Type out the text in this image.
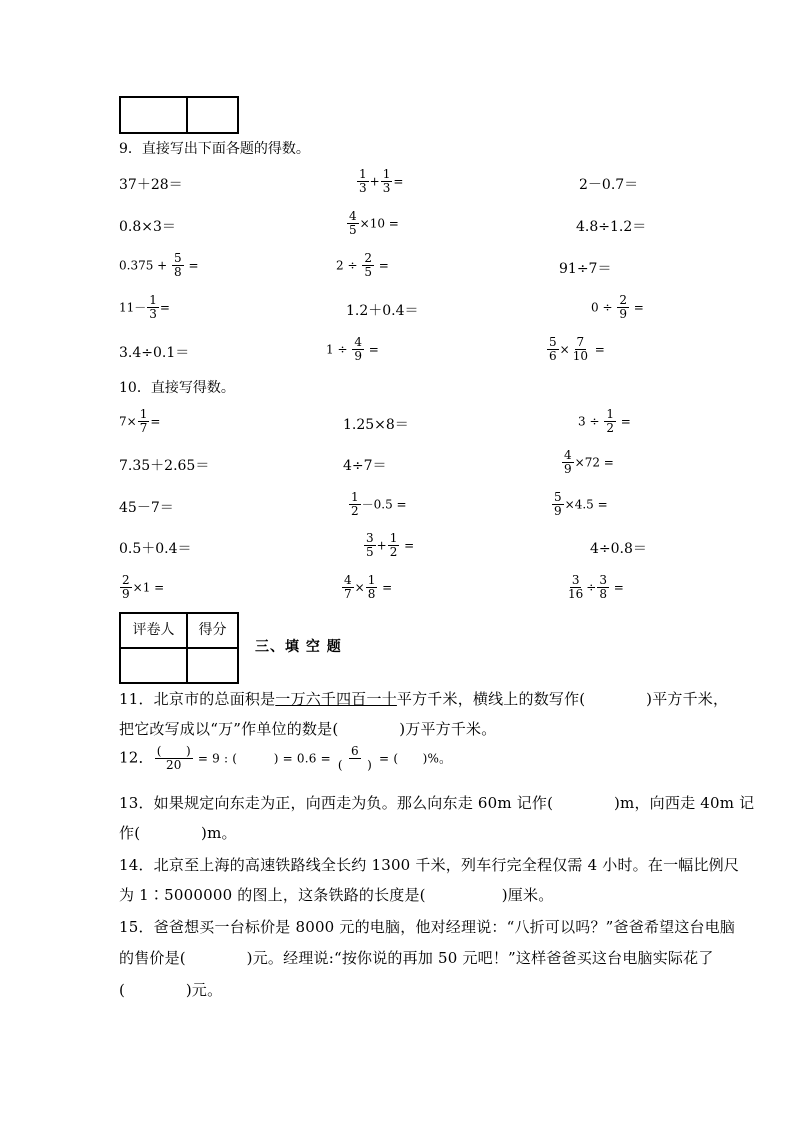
9．直接写出下面各题的得数。
37＋28＝	$\frac{1}{3} + \frac{1}{3}$ =	2－0.7＝
0.8×3＝	$\frac{4}{5} \times 10$ =	4.8÷1.2＝
$0.375 + \frac{5}{8}$ =	$2 \div \frac{2}{5}$ =	91÷7＝
$11- \frac{1}{3}$ =	1.2＋0.4＝	$0 \div \frac{2}{9}$ =
3.4÷0.1＝	$1 \div \frac{4}{9}$ =	$\frac{5}{6} \times \frac{7}{10}$ =
10．直接写得数。
$7\times \frac{1}{7}$ =	1.25×8＝	$3 \div \frac{1}{2}$ =
7.35＋2.65＝	4÷7＝	$\frac{4}{9} \times 72$ =
45－7＝	$\frac{1}{2} -0.5$ =	$\frac{5}{9} \times 4.5$ =
0.5＋0.4＝	$\frac{3}{5} + \frac{1}{2}$ =	4÷0.8＝
$\frac{2}{9} \times 1$ =	$\frac{4}{7} \times \frac{1}{8}$ =	$\frac{3}{16} \div \frac{3}{8}$ =
评卷人	得分
三、填 空 题
11．北京市的总面积是一万六千四百一十平方千米，横线上的数写作(　　　　)平方千米，
把它改写成以“万”作单位的数是(　　　　)万平方千米。
12． $\frac{( )}{20} = 9$ : (　　　) = $0.6 = \frac{6}{( )}$ = (　　)%。
13．如果规定向东走为正，向西走为负。那么向东走 60m 记作(　　　　)m，向西走 40m 记
作(　　　　)m。
14．北京至上海的高速铁路线全长约 1300 千米，列车行完全程仅需 4 小时。在一幅比例尺
为 1∶5000000 的图上，这条铁路的长度是(　　　　　)厘米。
15．爸爸想买一台标价是 8000 元的电脑，他对经理说：“八折可以吗？”爸爸希望这台电脑
的售价是(　　　　)元。经理说:“按你说的再加 50 元吧！”这样爸爸买这台电脑实际花了
(　　　　)元。
